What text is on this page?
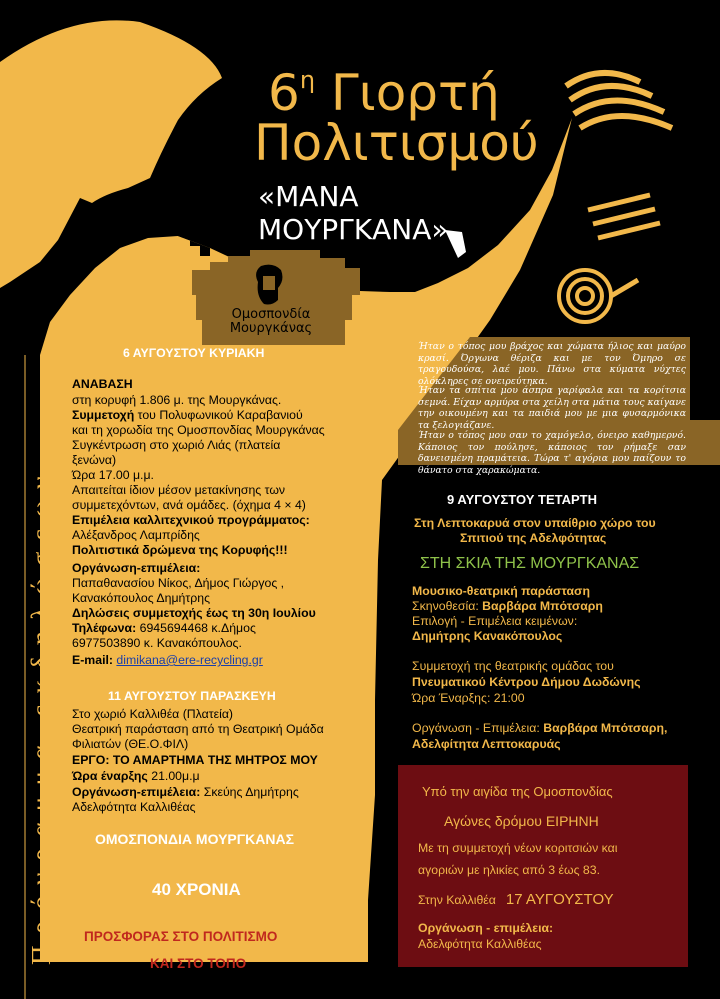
$6^\eta$ Γιορτή
Πολιτισμού
«ΜΑΝΑ
ΜΟΥΡΓΚΑΝΑ»
Ομοσπονδία
Μουργκάνας
Πρόγραμμα εκδηλώσεων
Ήταν ο τόπος μου βράχος και χώματα ήλιος και μαύρο κρασί. Όργωνα θέριζα και με τον Όμηρο σε τραγουδούσα, λαέ μου. Πάνω στα κύματα νύχτες ολόκληρες σε ονειρεύτηκα.
Ήταν τα σπίτια μου άσπρα γαρίφαλα και τα κορίτσια σεμνά. Είχαν αρμύρα στα χείλη στα μάτια τους καίγανε την οικουμένη και τα παιδιά μου με μια φυσαρμόνικα τα ξελογιάζανε.
Ήταν ο τόπος μου σαν το χαμόγελο, όνειρο καθημερνό. Κάποιος τον πούλησε, κάποιος τον ρήμαξε σαν δανεισμένη πραμάτεια. Τώρα τ' αγόρια μου παίζουν το θάνατο στα χαρακώματα.
6 ΑΥΓΟΥΣΤΟΥ ΚΥΡΙΑΚΗ
ΑΝΑΒΑΣΗ
στη κορυφή 1.806 μ. της Μουργκάνας.
Συμμετοχή του Πολυφωνικού Καραβανιού
και τη χορωδία της Ομοσπονδίας Μουργκάνας
Συγκέντρωση στο χωριό Λιάς (πλατεία
ξενώνα)
Ώρα 17.00 μ.μ.
Απαιτείται ίδιον μέσον μετακίνησης των
συμμετεχόντων, ανά ομάδες. (όχημα 4 × 4)
Επιμέλεια καλλιτεχνικού προγράμματος:
Αλέξανδρος Λαμπρίδης
Πολιτιστικά δρώμενα της Κορυφής!!!
Οργάνωση-επιμέλεια:
Παπαθανασίου Νίκος, Δήμος Γιώργος ,
Κανακόπουλος Δημήτρης
Δηλώσεις συμμετοχής έως τη 30η Ιουλίου
Τηλέφωνα: 6945694468 κ.Δήμος
6977503890 κ. Κανακόπουλος.
E-mail: dimikana@ere-recycling.gr
11 ΑΥΓΟΥΣΤΟΥ ΠΑΡΑΣΚΕΥΗ
Στο χωριό Καλλιθέα (Πλατεία)
Θεατρική παράσταση από τη Θεατρική Ομάδα
Φιλιατών (ΘΕ.Ο.ΦΙΛ)
ΕΡΓΟ: ΤΟ ΑΜΑΡΤΗΜΑ ΤΗΣ ΜΗΤΡΟΣ ΜΟΥ
Ώρα έναρξης 21.00μ.μ
Οργάνωση-επιμέλεια: Σκεύης Δημήτρης
Αδελφότητα Καλλιθέας
ΟΜΟΣΠΟΝΔΙΑ ΜΟΥΡΓΚΑΝΑΣ
40 ΧΡΟΝΙΑ
ΠΡΟΣΦΟΡΑΣ ΣΤΟ ΠΟΛΙΤΙΣΜΟ
ΚΑΙ ΣΤΟ ΤΟΠΟ
9 ΑΥΓΟΥΣΤΟΥ ΤΕΤΑΡΤΗ
Στη Λεπτοκαρυά στον υπαίθριο χώρο του
Σπιτιού της Αδελφότητας
ΣΤΗ ΣΚΙΑ ΤΗΣ ΜΟΥΡΓΚΑΝΑΣ
Μουσικο-θεατρική παράσταση
Σκηνοθεσία: Βαρβάρα Μπότσαρη
Επιλογή - Επιμέλεια κειμένων:
Δημήτρης Κανακόπουλος
Συμμετοχή της θεατρικής ομάδας του
Πνευματικού Κέντρου Δήμου Δωδώνης
Ώρα Έναρξης: 21:00
Οργάνωση - Επιμέλεια: Βαρβάρα Μπότσαρη,
Αδελφίτητα Λεπτοκαρυάς
Υπό την αιγίδα της Ομοσπονδίας
Αγώνες δρόμου ΕΙΡΗΝΗ
Με τη συμμετοχή νέων κοριτσιών και
αγοριών με ηλικίες από 3 έως 83.
Στην Καλλιθέα 17 ΑΥΓΟΥΣΤΟΥ
Οργάνωση - επιμέλεια:
Αδελφότητα Καλλιθέας
